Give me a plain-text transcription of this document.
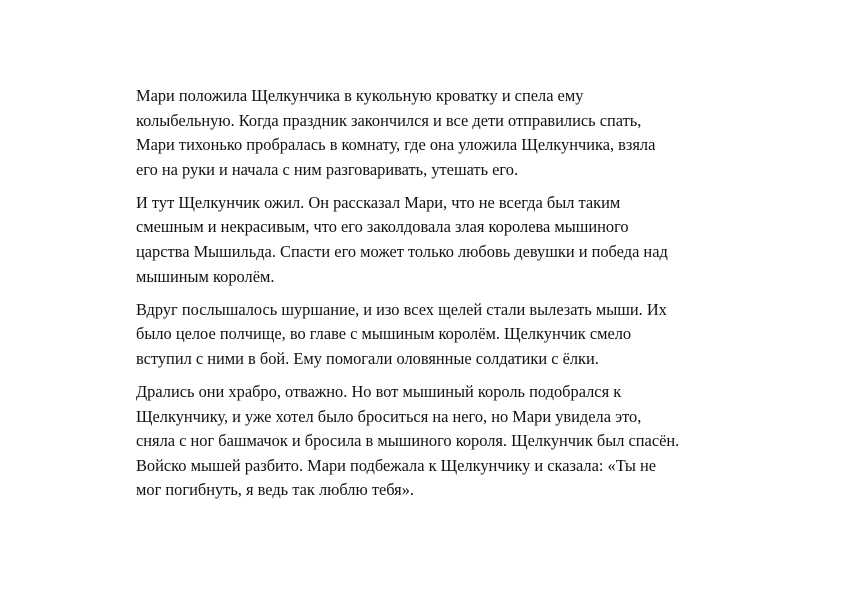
Мари положила Щелкунчика в кукольную кроватку и спела ему
колыбельную. Когда праздник закончился и все дети отправились спать,
Мари тихонько пробралась в комнату, где она уложила Щелкунчика, взяла
его на руки и начала с ним разговаривать, утешать его.

И тут Щелкунчик ожил. Он рассказал Мари, что не всегда был таким
смешным и некрасивым, что его заколдовала злая королева мышиного
царства Мышильда. Спасти его может только любовь девушки и победа над
мышиным королём.

Вдруг послышалось шуршание, и изо всех щелей стали вылезать мыши. Их
было целое полчище, во главе с мышиным королём. Щелкунчик смело
вступил с ними в бой. Ему помогали оловянные солдатики с ёлки.

Дрались они храбро, отважно. Но вот мышиный король подобрался к
Щелкунчику, и уже хотел было броситься на него, но Мари увидела это,
сняла с ног башмачок и бросила в мышиного короля. Щелкунчик был спасён.
Войско мышей разбито. Мари подбежала к Щелкунчику и сказала: «Ты не
мог погибнуть, я ведь так люблю тебя».
